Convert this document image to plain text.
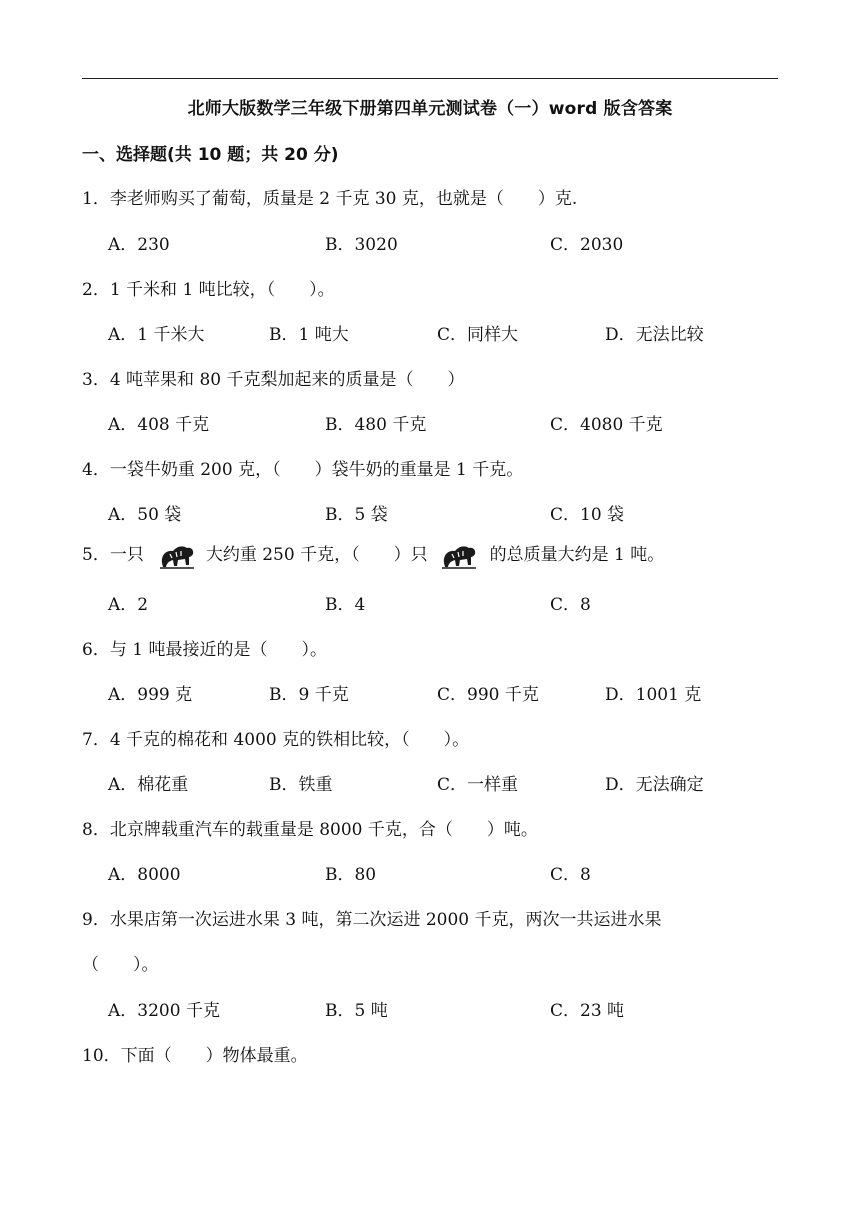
北师大版数学三年级下册第四单元测试卷（一）word 版含答案
一、选择题(共 10 题；共 20 分)
1．李老师购买了葡萄，质量是 2 千克 30 克，也就是（　　）克.
A．230	B．3020	C．2030
2．1 千米和 1 吨比较，（　　）。
A．1 千米大	B．1 吨大	C．同样大	D．无法比较
3．4 吨苹果和 80 千克梨加起来的质量是（　　）
A．408 千克	B．480 千克	C．4080 千克
4．一袋牛奶重 200 克，（　　）袋牛奶的重量是 1 千克。
A．50 袋	B．5 袋	C．10 袋
5．一只	大约重 250 千克，（　　）只	的总质量大约是 1 吨。
A．2	B．4	C．8
6．与 1 吨最接近的是（　　）。
A．999 克	B．9 千克	C．990 千克	D．1001 克
7．4 千克的棉花和 4000 克的铁相比较，（　　）。
A．棉花重	B．铁重	C．一样重	D．无法确定
8．北京牌载重汽车的载重量是 8000 千克，合（　　）吨。
A．8000	B．80	C．8
9．水果店第一次运进水果 3 吨，第二次运进 2000 千克，两次一共运进水果
（　　）。
A．3200 千克	B．5 吨	C．23 吨
10．下面（　　）物体最重。
